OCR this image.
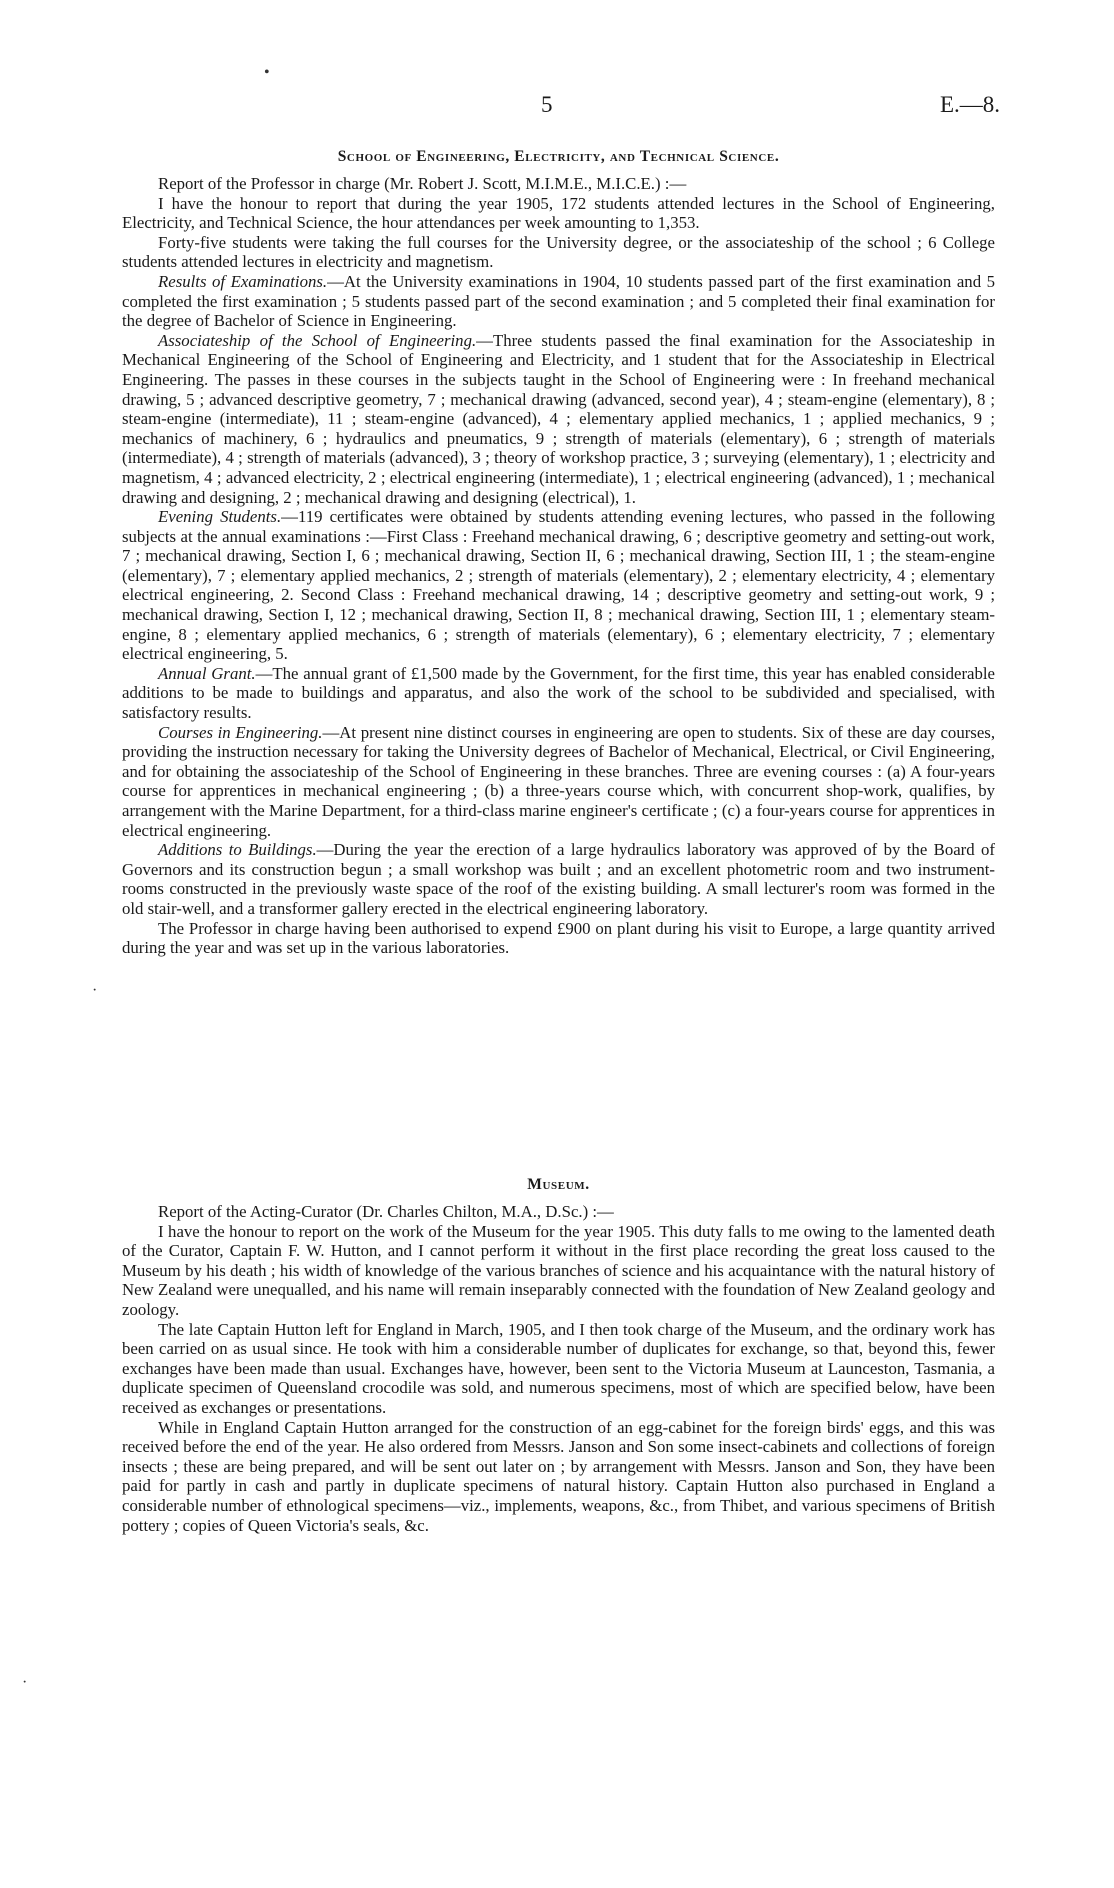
•
·
·
5	E.—8.
School of Engineering, Electricity, and Technical Science.

Report of the Professor in charge (Mr. Robert J. Scott, M.I.M.E., M.I.C.E.) :—

I have the honour to report that during the year 1905, 172 students attended lectures in the School of Engineering, Electricity, and Technical Science, the hour attendances per week amounting to 1,353.

Forty-five students were taking the full courses for the University degree, or the associateship of the school ; 6 College students attended lectures in electricity and magnetism.

Results of Examinations.—At the University examinations in 1904, 10 students passed part of the first examination and 5 completed the first examination ; 5 students passed part of the second examination ; and 5 completed their final examination for the degree of Bachelor of Science in Engineering.

Associateship of the School of Engineering.—Three students passed the final examination for the Associateship in Mechanical Engineering of the School of Engineering and Electricity, and 1 student that for the Associateship in Electrical Engineering. The passes in these courses in the subjects taught in the School of Engineering were : In freehand mechanical drawing, 5 ; advanced descriptive geometry, 7 ; mechanical drawing (advanced, second year), 4 ; steam-engine (elementary), 8 ; steam-engine (intermediate), 11 ; steam-engine (advanced), 4 ; elementary applied mechanics, 1 ; applied mechanics, 9 ; mechanics of machinery, 6 ; hydraulics and pneumatics, 9 ; strength of materials (elementary), 6 ; strength of materials (intermediate), 4 ; strength of materials (advanced), 3 ; theory of workshop practice, 3 ; surveying (elementary), 1 ; electricity and magnetism, 4 ; advanced electricity, 2 ; electrical engineering (intermediate), 1 ; electrical engineering (advanced), 1 ; mechanical drawing and designing, 2 ; mechanical drawing and designing (electrical), 1.

Evening Students.—119 certificates were obtained by students attending evening lectures, who passed in the following subjects at the annual examinations :—First Class : Freehand mechanical drawing, 6 ; descriptive geometry and setting-out work, 7 ; mechanical drawing, Section I, 6 ; mechanical drawing, Section II, 6 ; mechanical drawing, Section III, 1 ; the steam-engine (elementary), 7 ; elementary applied mechanics, 2 ; strength of materials (elementary), 2 ; elementary electricity, 4 ; elementary electrical engineering, 2. Second Class : Freehand mechanical drawing, 14 ; descriptive geometry and setting-out work, 9 ; mechanical drawing, Section I, 12 ; mechanical drawing, Section II, 8 ; mechanical drawing, Section III, 1 ; elementary steam-engine, 8 ; elementary applied mechanics, 6 ; strength of materials (elementary), 6 ; elementary electricity, 7 ; elementary electrical engineering, 5.

Annual Grant.—The annual grant of £1,500 made by the Government, for the first time, this year has enabled considerable additions to be made to buildings and apparatus, and also the work of the school to be subdivided and specialised, with satisfactory results.

Courses in Engineering.—At present nine distinct courses in engineering are open to students. Six of these are day courses, providing the instruction necessary for taking the University degrees of Bachelor of Mechanical, Electrical, or Civil Engineering, and for obtaining the associateship of the School of Engineering in these branches. Three are evening courses : (a) A four-years course for apprentices in mechanical engineering ; (b) a three-years course which, with concurrent shop-work, qualifies, by arrangement with the Marine Department, for a third-class marine engineer's certificate ; (c) a four-years course for apprentices in electrical engineering.

Additions to Buildings.—During the year the erection of a large hydraulics laboratory was approved of by the Board of Governors and its construction begun ; a small workshop was built ; and an excellent photometric room and two instrument-rooms constructed in the previously waste space of the roof of the existing building. A small lecturer's room was formed in the old stair-well, and a transformer gallery erected in the electrical engineering laboratory.

The Professor in charge having been authorised to expend £900 on plant during his visit to Europe, a large quantity arrived during the year and was set up in the various laboratories.

Museum.

Report of the Acting-Curator (Dr. Charles Chilton, M.A., D.Sc.) :—

I have the honour to report on the work of the Museum for the year 1905. This duty falls to me owing to the lamented death of the Curator, Captain F. W. Hutton, and I cannot perform it without in the first place recording the great loss caused to the Museum by his death ; his width of knowledge of the various branches of science and his acquaintance with the natural history of New Zealand were unequalled, and his name will remain inseparably connected with the foundation of New Zealand geology and zoology.

The late Captain Hutton left for England in March, 1905, and I then took charge of the Museum, and the ordinary work has been carried on as usual since. He took with him a considerable number of duplicates for exchange, so that, beyond this, fewer exchanges have been made than usual. Exchanges have, however, been sent to the Victoria Museum at Launceston, Tasmania, a duplicate specimen of Queensland crocodile was sold, and numerous specimens, most of which are specified below, have been received as exchanges or presentations.

While in England Captain Hutton arranged for the construction of an egg-cabinet for the foreign birds' eggs, and this was received before the end of the year. He also ordered from Messrs. Janson and Son some insect-cabinets and collections of foreign insects ; these are being prepared, and will be sent out later on ; by arrangement with Messrs. Janson and Son, they have been paid for partly in cash and partly in duplicate specimens of natural history. Captain Hutton also purchased in England a considerable number of ethnological specimens—viz., implements, weapons, &c., from Thibet, and various specimens of British pottery ; copies of Queen Victoria's seals, &c.
